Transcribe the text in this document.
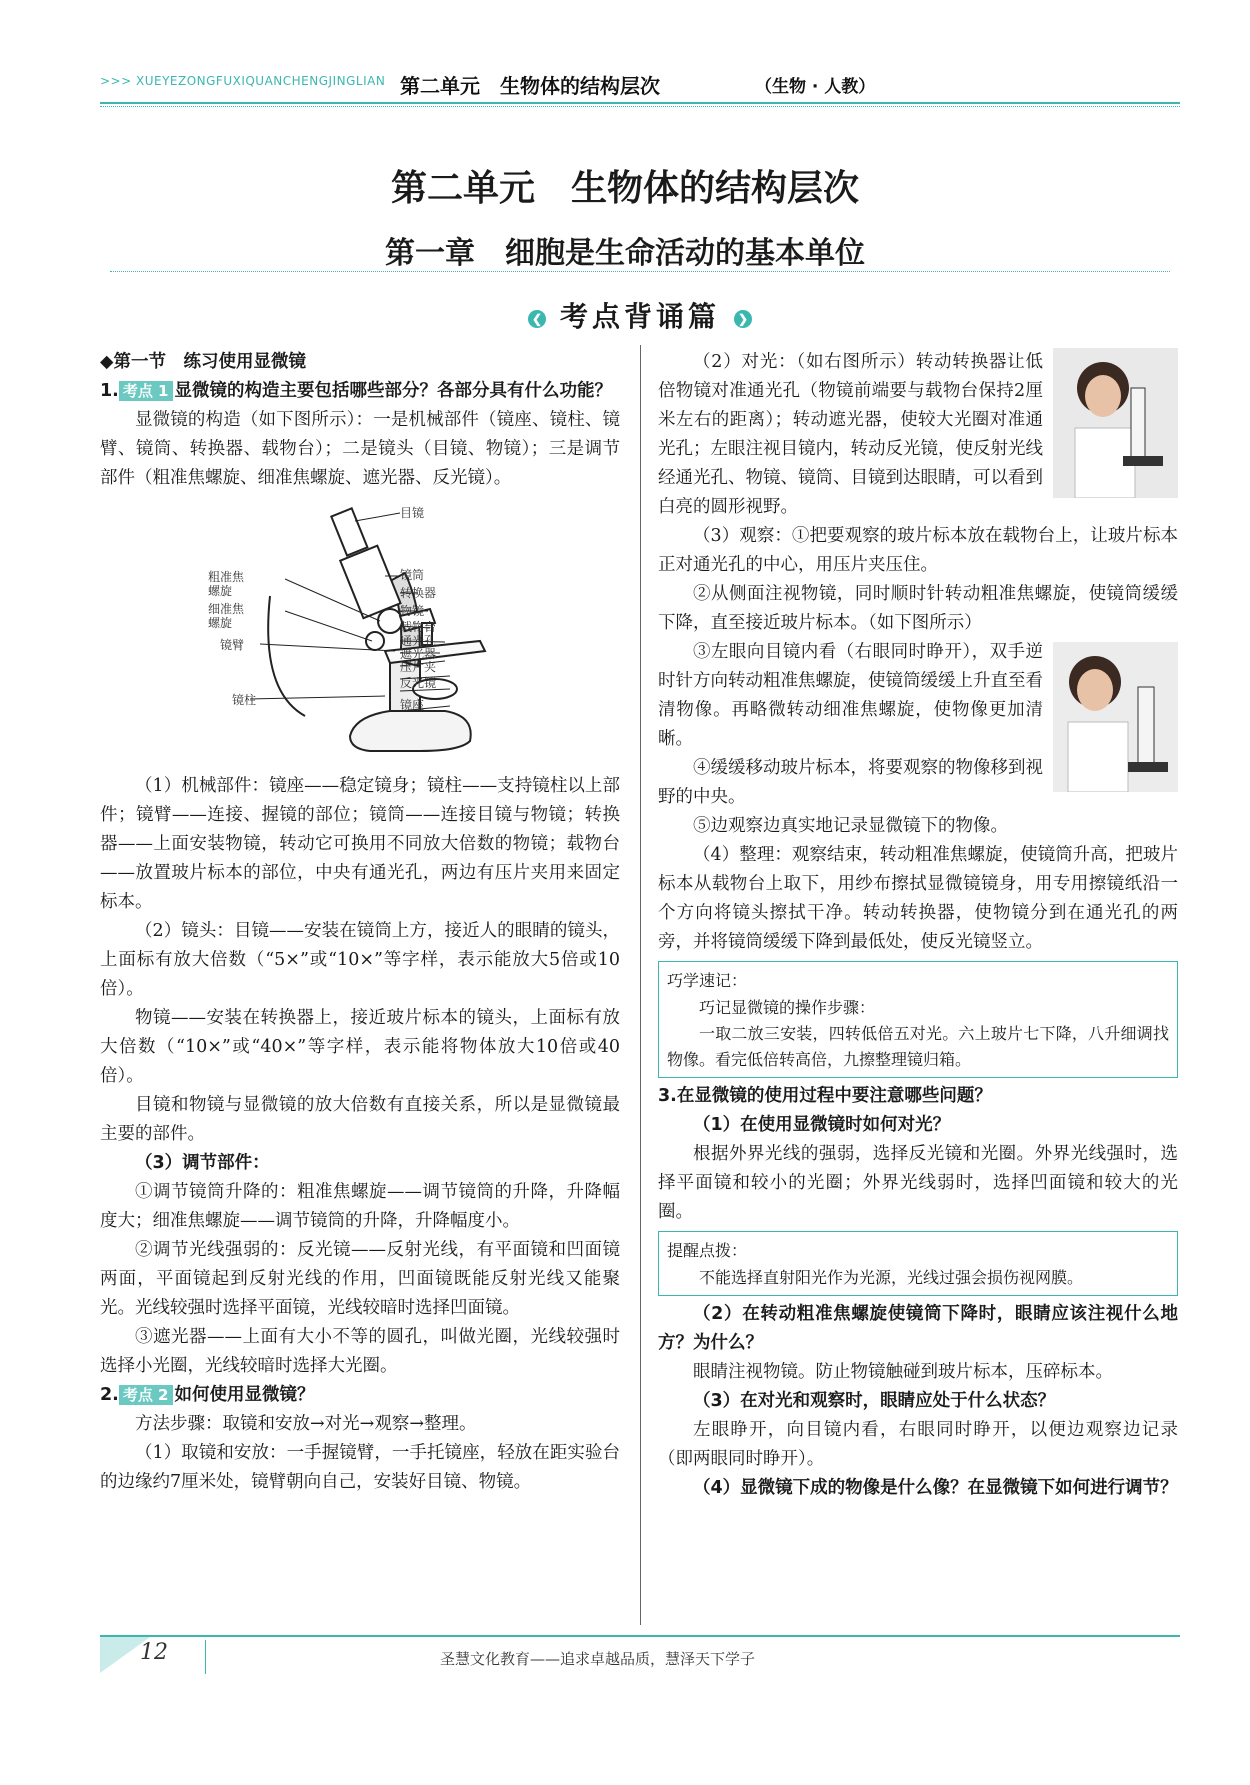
>>> XUEYEZONGFUXIQUANCHENGJINGLIAN 第二单元　生物体的结构层次	（生物 · 人教）
第二单元　生物体的结构层次
第一章　细胞是生命活动的基本单位
❮ 考点背诵篇 ❯

◆第一节　练习使用显微镜

1. 考点 1 显微镜的构造主要包括哪些部分？各部分具有什么功能？

显微镜的构造（如下图所示）：一是机械部件（镜座、镜柱、镜臂、镜筒、转换器、载物台）；二是镜头（目镜、物镜）；三是调节部件（粗准焦螺旋、细准焦螺旋、遮光器、反光镜）。

目镜
粗准焦
螺旋
细准焦
螺旋
镜臂
镜柱
镜筒
转换器
物镜
载物台
通光孔
遮光器
压片夹
反光镜
镜座

（1）机械部件：镜座——稳定镜身；镜柱——支持镜柱以上部件；镜臂——连接、握镜的部位；镜筒——连接目镜与物镜；转换器——上面安装物镜，转动它可换用不同放大倍数的物镜；载物台——放置玻片标本的部位，中央有通光孔，两边有压片夹用来固定标本。

（2）镜头：目镜——安装在镜筒上方，接近人的眼睛的镜头，上面标有放大倍数（“5×”或“10×”等字样，表示能放大5倍或10倍）。

物镜——安装在转换器上，接近玻片标本的镜头，上面标有放大倍数（“10×”或“40×”等字样，表示能将物体放大10倍或40倍）。

目镜和物镜与显微镜的放大倍数有直接关系，所以是显微镜最主要的部件。

（3）调节部件：

①调节镜筒升降的：粗准焦螺旋——调节镜筒的升降，升降幅度大；细准焦螺旋——调节镜筒的升降，升降幅度小。

②调节光线强弱的：反光镜——反射光线，有平面镜和凹面镜两面，平面镜起到反射光线的作用，凹面镜既能反射光线又能聚光。光线较强时选择平面镜，光线较暗时选择凹面镜。

③遮光器——上面有大小不等的圆孔，叫做光圈，光线较强时选择小光圈，光线较暗时选择大光圈。

2. 考点 2 如何使用显微镜？

方法步骤：取镜和安放→对光→观察→整理。

（1）取镜和安放：一手握镜臂，一手托镜座，轻放在距实验台的边缘约7厘米处，镜臂朝向自己，安装好目镜、物镜。

（2）对光：（如右图所示）转动转换器让低倍物镜对准通光孔（物镜前端要与载物台保持2厘米左右的距离）；转动遮光器，使较大光圈对准通光孔；左眼注视目镜内，转动反光镜，使反射光线经通光孔、物镜、镜筒、目镜到达眼睛，可以看到白亮的圆形视野。

（3）观察：①把要观察的玻片标本放在载物台上，让玻片标本正对通光孔的中心，用压片夹压住。

②从侧面注视物镜，同时顺时针转动粗准焦螺旋，使镜筒缓缓下降，直至接近玻片标本。（如下图所示）

③左眼向目镜内看（右眼同时睁开），双手逆时针方向转动粗准焦螺旋，使镜筒缓缓上升直至看清物像。再略微转动细准焦螺旋，使物像更加清晰。

④缓缓移动玻片标本，将要观察的物像移到视野的中央。

⑤边观察边真实地记录显微镜下的物像。

（4）整理：观察结束，转动粗准焦螺旋，使镜筒升高，把玻片标本从载物台上取下，用纱布擦拭显微镜镜身，用专用擦镜纸沿一个方向将镜头擦拭干净。转动转换器，使物镜分到在通光孔的两旁，并将镜筒缓缓下降到最低处，使反光镜竖立。

巧学速记：

巧记显微镜的操作步骤：

一取二放三安装，四转低倍五对光。六上玻片七下降，八升细调找物像。看完低倍转高倍，九擦整理镜归箱。

3.在显微镜的使用过程中要注意哪些问题？

（1）在使用显微镜时如何对光？

根据外界光线的强弱，选择反光镜和光圈。外界光线强时，选择平面镜和较小的光圈；外界光线弱时，选择凹面镜和较大的光圈。

提醒点拨：

不能选择直射阳光作为光源，光线过强会损伤视网膜。

（2）在转动粗准焦螺旋使镜筒下降时，眼睛应该注视什么地方？为什么？

眼睛注视物镜。防止物镜触碰到玻片标本，压碎标本。

（3）在对光和观察时，眼睛应处于什么状态？

左眼睁开，向目镜内看，右眼同时睁开，以便边观察边记录（即两眼同时睁开）。

（4）显微镜下成的物像是什么像？在显微镜下如何进行调节？

12	圣慧文化教育——追求卓越品质，慧泽天下学子
